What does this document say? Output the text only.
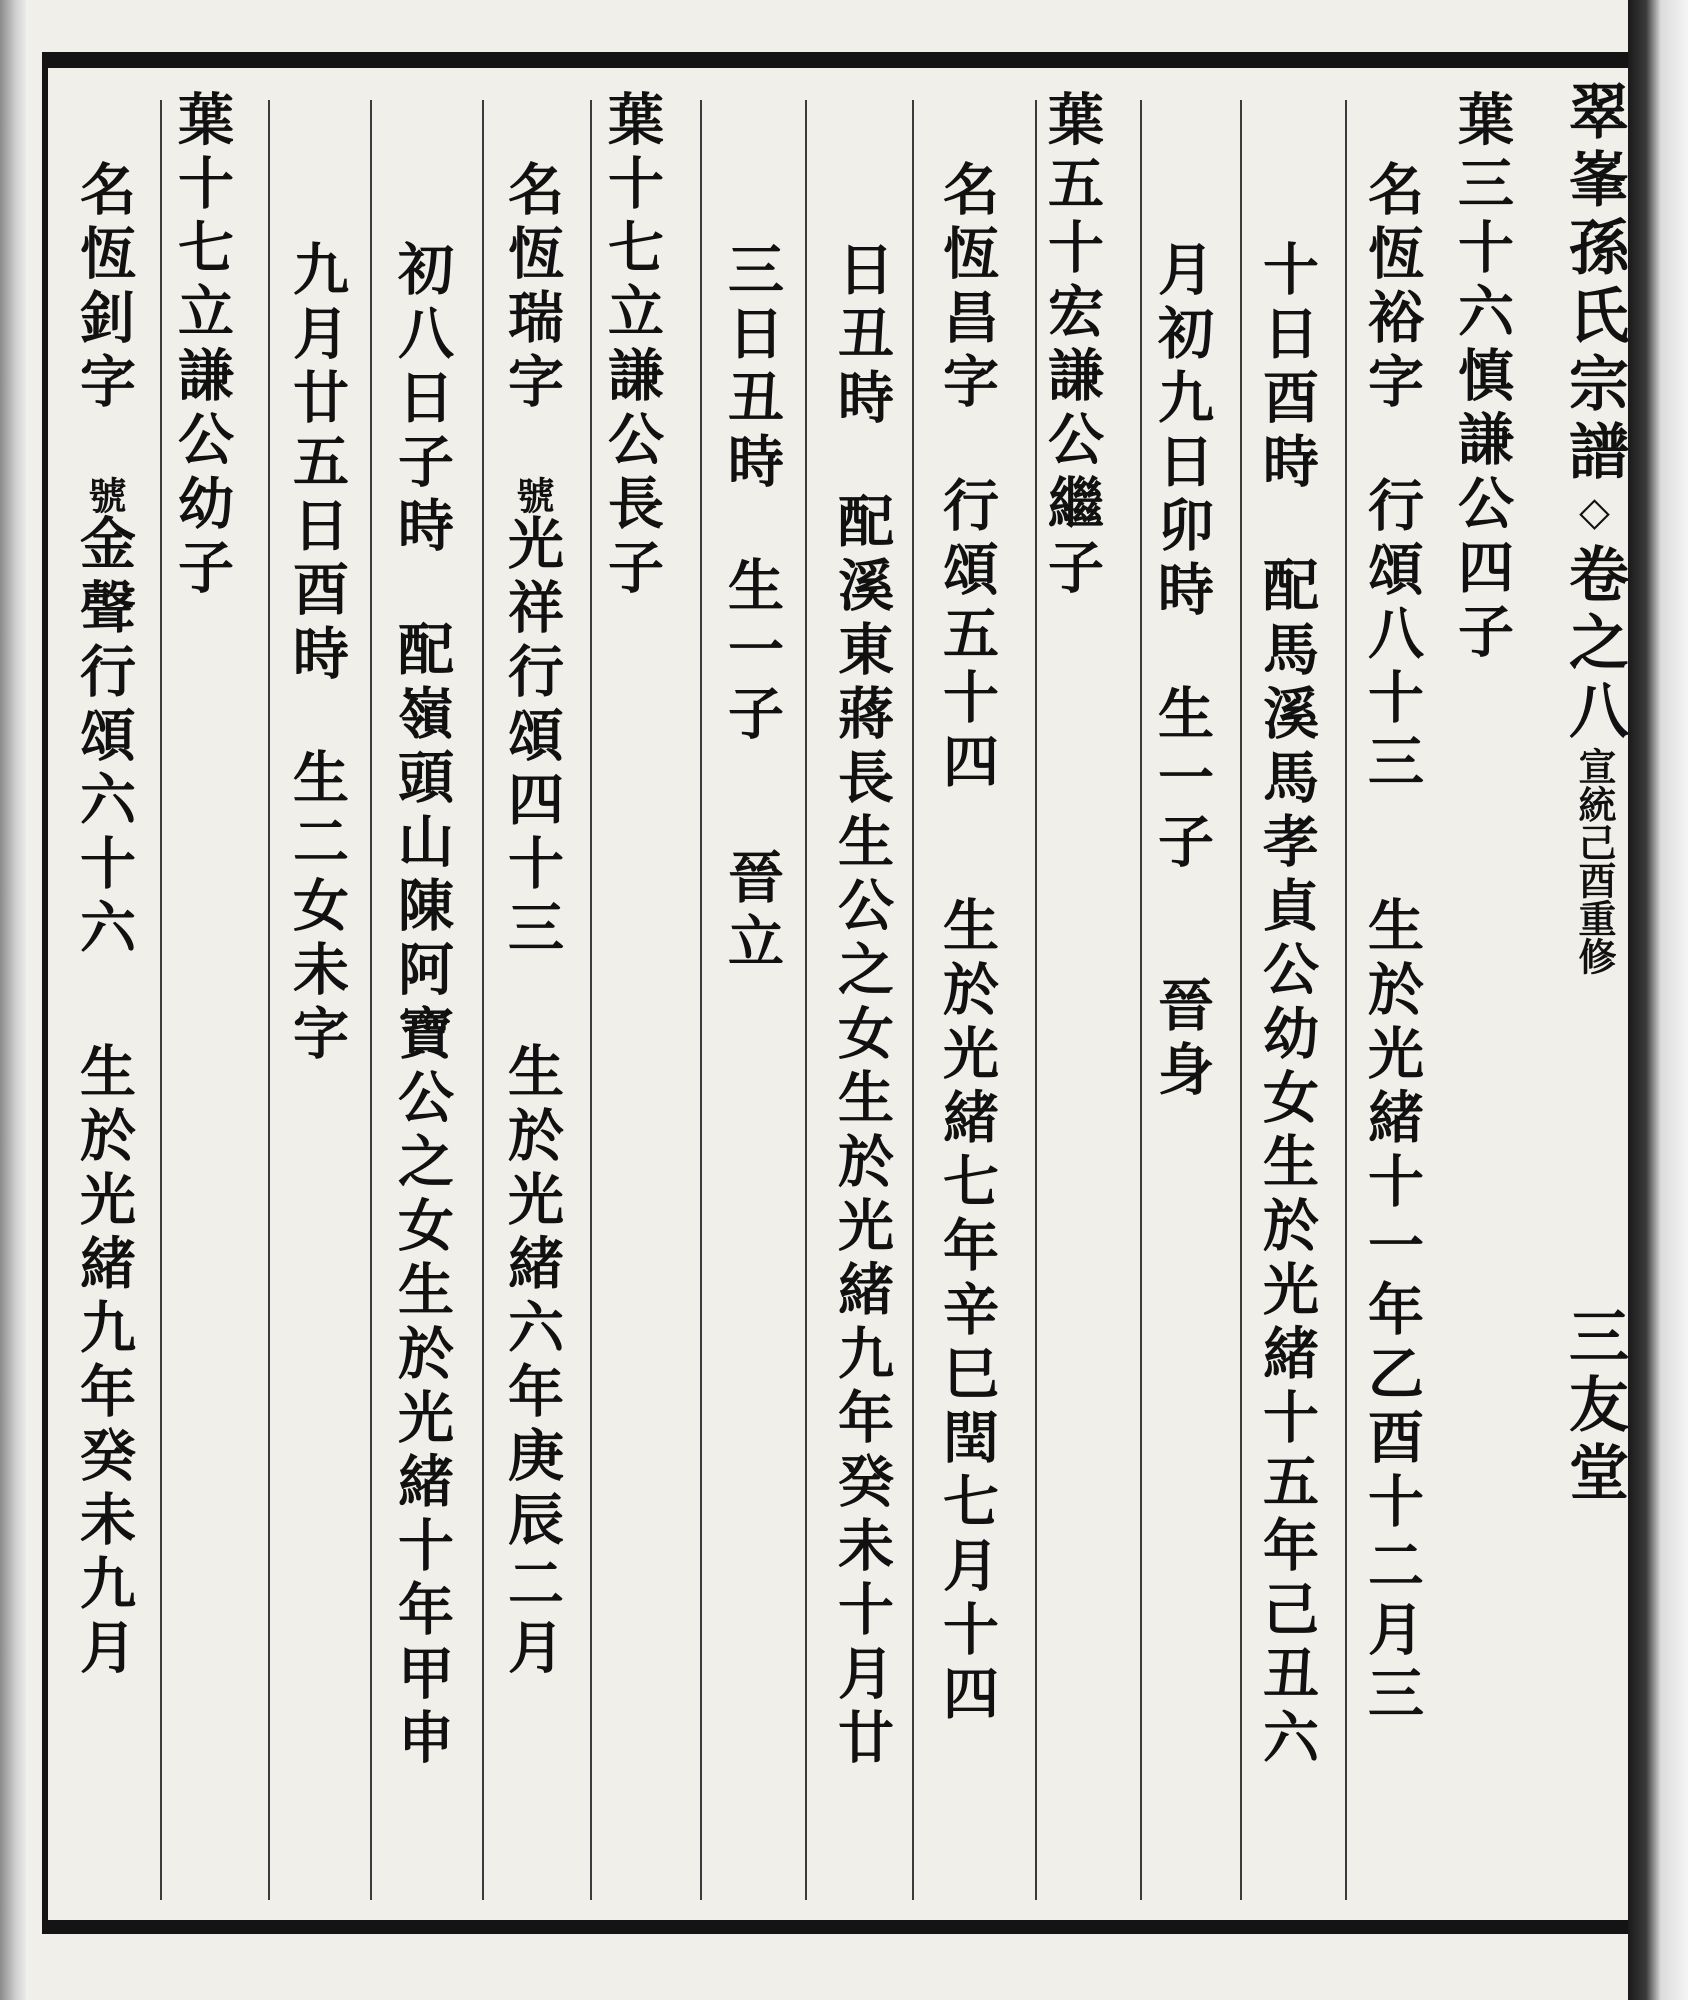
翠峯孫氏宗譜◇卷之八宣統己酉重修三友堂
葉三十六慎謙公四子
名恆裕字行頌八十三生於光緒十一年乙酉十二月三
十日酉時配馬溪馬孝貞公幼女生於光緒十五年己丑六
月初九日卯時生一子晉身
葉五十宏謙公繼子
名恆昌字行頌五十四生於光緒七年辛巳閏七月十四
日丑時配溪東蔣長生公之女生於光緒九年癸未十月廿
三日丑時生一子晉立
葉十七立謙公長子
名恆瑞字號光祥行頌四十三生於光緒六年庚辰二月
初八日子時配嶺頭山陳阿寶公之女生於光緒十年甲申
九月廿五日酉時生二女未字
葉十七立謙公幼子
名恆釗字號金聲行頌六十六生於光緒九年癸未九月
